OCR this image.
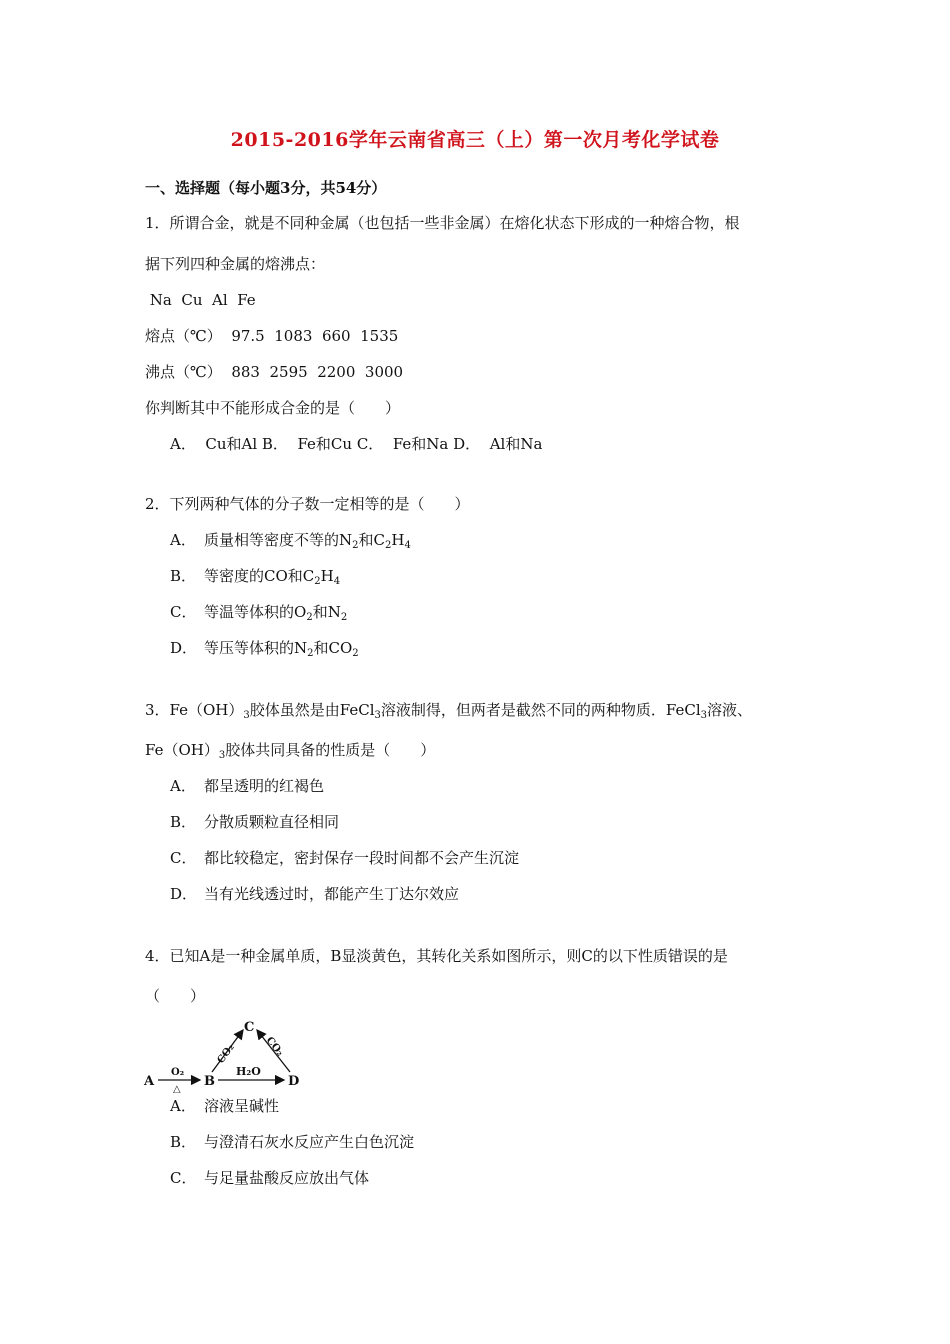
2015-2016学年云南省高三（上）第一次月考化学试卷
一、选择题（每小题3分，共54分）
1．所谓合金，就是不同种金属（也包括一些非金属）在熔化状态下形成的一种熔合物，根
据下列四种金属的熔沸点：
Na  Cu  Al  Fe
熔点（℃）  97.5  1083  660  1535
沸点（℃）  883  2595  2200  3000
你判断其中不能形成合金的是（　　）
A．  Cu和Al B．  Fe和Cu C．  Fe和Na D．  Al和Na
2．下列两种气体的分子数一定相等的是（　　）
A． 质量相等密度不等的$N_2$和$C_2H_4$
B． 等密度的CO和$C_2H_4$
C． 等温等体积的$O_2$和$N_2$
D． 等压等体积的$N_2$和$CO_2$
3．$Fe(OH)_3$胶体虽然是由FeCl$_3$溶液制得，但两者是截然不同的两种物质．FeCl$_3$溶液、
$Fe(OH)_3$胶体共同具备的性质是（　　）
A． 都呈透明的红褐色
B． 分散质颗粒直径相同
C． 都比较稳定，密封保存一段时间都不会产生沉淀
D． 当有光线透过时，都能产生丁达尔效应
4．已知A是一种金属单质，B显淡黄色，其转化关系如图所示，则C的以下性质错误的是
（　　）
A	B
C
D
O₂
△
H₂O
CO₂	CO₂
A． 溶液呈碱性
B． 与澄清石灰水反应产生白色沉淀
C． 与足量盐酸反应放出气体
